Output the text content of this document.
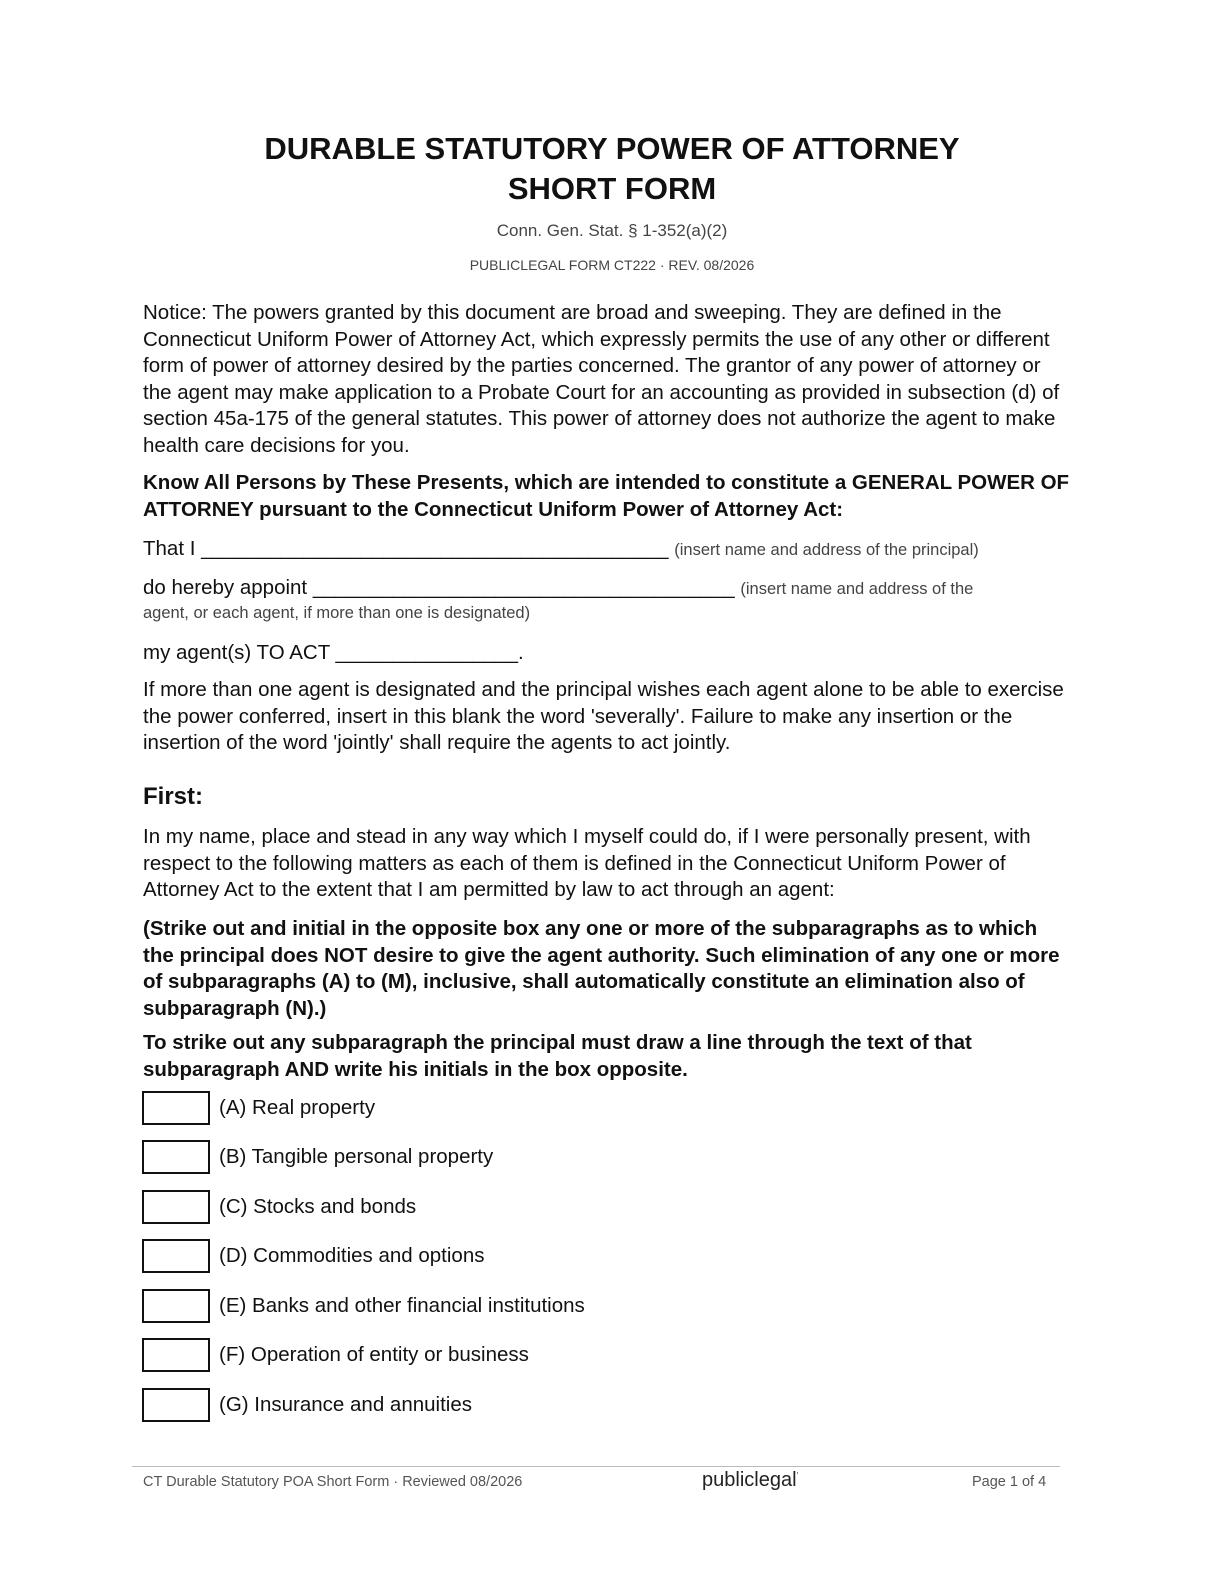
DURABLE STATUTORY POWER OF ATTORNEY
SHORT FORM
Conn. Gen. Stat. § 1-352(a)(2)
PUBLICLEGAL FORM CT222 · REV. 08/2026

Notice: The powers granted by this document are broad and sweeping. They are defined in the Connecticut Uniform Power of Attorney Act, which expressly permits the use of any other or different form of power of attorney desired by the parties concerned. The grantor of any power of attorney or the agent may make application to a Probate Court for an accounting as provided in subsection (d) of section 45a-175 of the general statutes. This power of attorney does not authorize the agent to make health care decisions for you.

Know All Persons by These Presents, which are intended to constitute a GENERAL POWER OF ATTORNEY pursuant to the Connecticut Uniform Power of Attorney Act:

That I _________________________________________ (insert name and address of the principal)
do hereby appoint _____________________________________ (insert name and address of the
agent, or each agent, if more than one is designated)
my agent(s) TO ACT ________________.

If more than one agent is designated and the principal wishes each agent alone to be able to exercise the power conferred, insert in this blank the word 'severally'. Failure to make any insertion or the insertion of the word 'jointly' shall require the agents to act jointly.

First:

In my name, place and stead in any way which I myself could do, if I were personally present, with respect to the following matters as each of them is defined in the Connecticut Uniform Power of Attorney Act to the extent that I am permitted by law to act through an agent:

(Strike out and initial in the opposite box any one or more of the subparagraphs as to which the principal does NOT desire to give the agent authority. Such elimination of any one or more of subparagraphs (A) to (M), inclusive, shall automatically constitute an elimination also of subparagraph (N).)

To strike out any subparagraph the principal must draw a line through the text of that subparagraph AND write his initials in the box opposite.

(A) Real property
(B) Tangible personal property
(C) Stocks and bonds
(D) Commodities and options
(E) Banks and other financial institutions
(F) Operation of entity or business
(G) Insurance and annuities
CT Durable Statutory POA Short Form · Reviewed 08/2026	publiclegal'	Page 1 of 4
